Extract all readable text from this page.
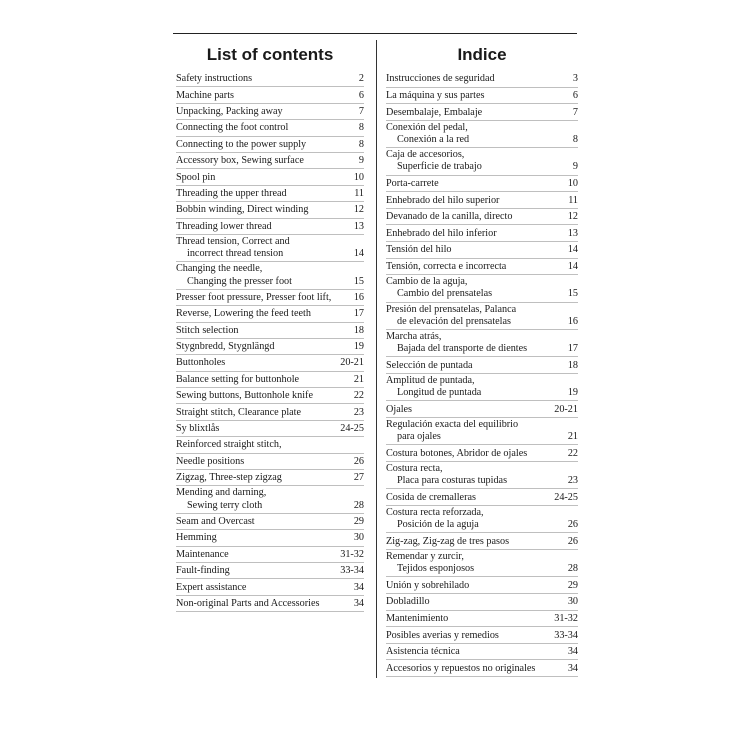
List of contents
Safety instructions	2
Machine parts	6
Unpacking, Packing away	7
Connecting the foot control	8
Connecting to the power supply	8
Accessory box, Sewing surface	9
Spool pin	10
Threading the upper thread	11
Bobbin winding, Direct winding	12
Threading lower thread	13
Thread tension, Correct and
incorrect thread tension	14
Changing the needle,
Changing the presser foot	15
Presser foot pressure, Presser foot lift,	16
Reverse, Lowering the feed teeth	17
Stitch selection	18
Stygnbredd, Stygnlängd	19
Buttonholes	20-21
Balance setting for buttonhole	21
Sewing buttons, Buttonhole knife	22
Straight stitch, Clearance plate	23
Sy blixtlås	24-25
Reinforced straight stitch,
Needle positions	26
Zigzag, Three-step zigzag	27
Mending and darning,
Sewing terry cloth	28
Seam and Overcast	29
Hemming	30
Maintenance	31-32
Fault-finding	33-34
Expert assistance	34
Non-original Parts and Accessories	34
Indice
Instrucciones de seguridad	3
La máquina y sus partes	6
Desembalaje, Embalaje	7
Conexión del pedal,
Conexión a la red	8
Caja de accesorios,
Superficie de trabajo	9
Porta-carrete	10
Enhebrado del hilo superior	11
Devanado de la canilla, directo	12
Enhebrado del hilo inferior	13
Tensión del hilo	14
Tensión, correcta e incorrecta	14
Cambio de la aguja,
Cambio del prensatelas	15
Presión del prensatelas, Palanca
de elevación del prensatelas	16
Marcha atrás,
Bajada del transporte de dientes	17
Selección de puntada	18
Amplitud de puntada,
Longitud de puntada	19
Ojales	20-21
Regulación exacta del equilibrio
para ojales	21
Costura botones, Abridor de ojales	22
Costura recta,
Placa para costuras tupidas	23
Cosida de cremalleras	24-25
Costura recta reforzada,
Posición de la aguja	26
Zig-zag, Zig-zag de tres pasos	26
Remendar y zurcir,
Tejidos esponjosos	28
Unión y sobrehilado	29
Dobladillo	30
Mantenimiento	31-32
Posibles averias y remedios	33-34
Asistencia técnica	34
Accesorios y repuestos no originales	34
